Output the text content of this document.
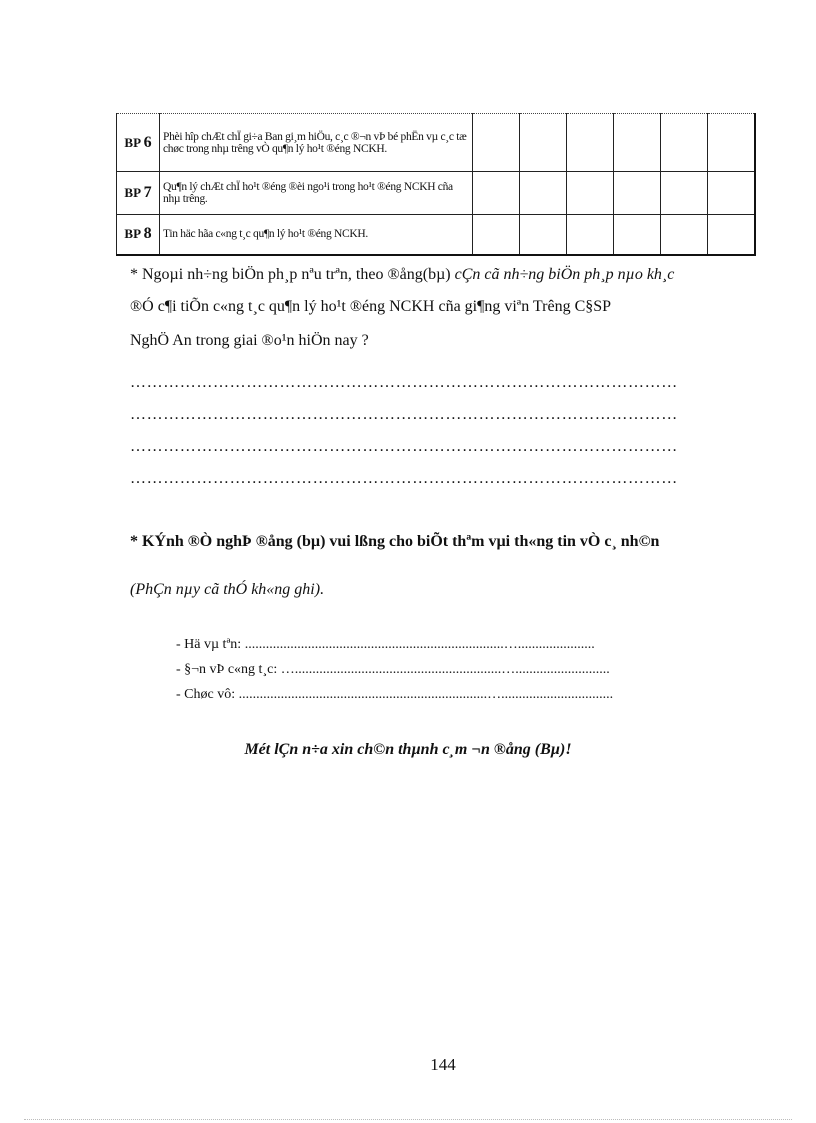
BP 6	Phèi hîp chÆt chÏ gi÷a Ban gi¸m hiÖu, c¸c ®¬n vÞ bé phËn vµ c¸c tæ chøc trong nhµ trêng vÒ qu¶n lý ho¹t ®éng NCKH.						
BP 7	Qu¶n lý chÆt chÏ ho¹t ®éng ®èi ngo¹i trong ho¹t ®éng NCKH cña nhµ trêng.						
BP 8	Tin häc hãa c«ng t¸c qu¶n lý ho¹t ®éng NCKH.						
* Ngoµi nh÷ng biÖn ph¸p nªu trªn, theo ®ång(bµ) cÇn cã nh÷ng biÖn ph¸p nµo kh¸c
®Ó c¶i tiÕn c«ng t¸c qu¶n lý ho¹t ®éng NCKH cña gi¶ng viªn Trêng C§SP
NghÖ An trong giai ®o¹n hiÖn nay ?
………………………………………………………………………………………
………………………………………………………………………………………
………………………………………………………………………………………
………………………………………………………………………………………
* KÝnh ®Ò nghÞ ®ång (bµ) vui lßng cho biÕt thªm vµi th«ng tin vÒ c¸ nh©n
(PhÇn nµy cã thÓ kh«ng ghi).
- Hä vµ tªn: ..........................................................................…......................
- §¬n vÞ c«ng t¸c: …...........................................................…...........................
- Chøc vô: .......................................................................…................................
Mét lÇn n÷a xin ch©n thµnh c¸m ¬n ®ång (Bµ)!
144
